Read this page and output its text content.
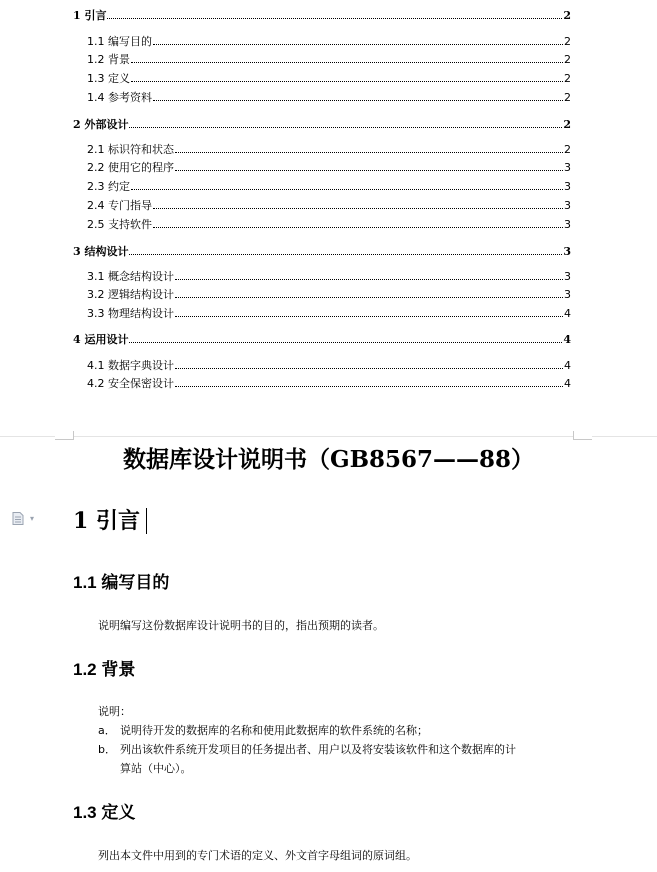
1 引言	2
1.1 编写目的	2
1.2 背景	2
1.3 定义	2
1.4 参考资料	2
2 外部设计	2
2.1 标识符和状态	2
2.2 使用它的程序	3
2.3 约定	3
2.4 专门指导	3
2.5 支持软件	3
3 结构设计	3
3.1 概念结构设计	3
3.2 逻辑结构设计	3
3.3 物理结构设计	4
4 运用设计	4
4.1 数据字典设计	4
4.2 安全保密设计	4
数据库设计说明书（GB8567——88）
▾ 1 引言
1.1 编写目的
说明编写这份数据库设计说明书的目的，指出预期的读者。
1.2 背景
说明：
a． 说明待开发的数据库的名称和使用此数据库的软件系统的名称；
b． 列出该软件系统开发项目的任务提出者、用户以及将安装该软件和这个数据库的计
算站（中心）。
1.3 定义
列出本文件中用到的专门术语的定义、外文首字母组词的原词组。
